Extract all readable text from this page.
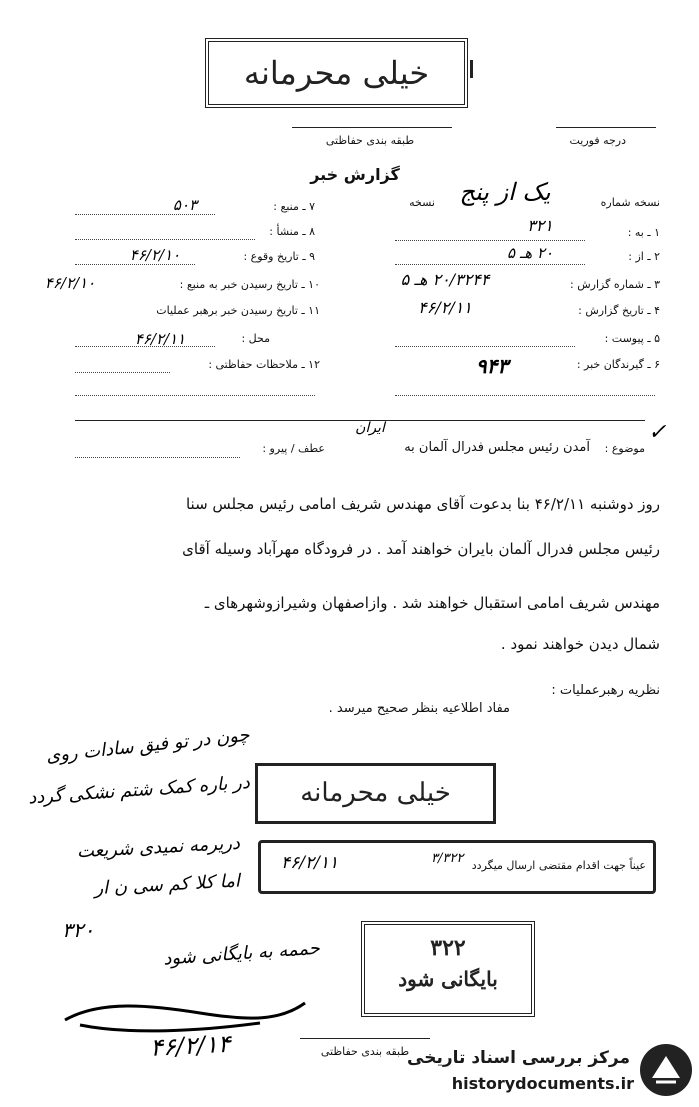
خیلی محرمانه
طبقه بندی حفاظتی	درجه فوریت
گزارش خبر
نسخه شماره
یک از پنج
نسخه
۷ ـ منبع :
۵۰۳
۸ ـ منشأ :
۹ ـ تاریخ وقوع :
۴۶/۲/۱۰
۱۰ ـ تاریخ رسیدن خبر به منبع :
۴۶/۲/۱۰
۱۱ ـ تاریخ رسیدن خبر برهبر عملیات
محل :
۴۶/۲/۱۱
۱۲ ـ ملاحظات حفاظتی :
۱ ـ به :
۳۲۱
۲ ـ از :
۲۰ هـ ۵
۳ ـ شماره گزارش :
۲۰/۳۲۴۴ هـ ۵
۴ ـ تاریخ گزارش :
۴۶/۲/۱۱
۵ ـ پیوست :
۶ ـ گیرندگان خبر :
۹۴۳
✓
موضوع :
آمدن رئیس مجلس فدرال آلمان به
ایران
عطف / پیرو :
روز دوشنبه ۴۶/۲/۱۱ بنا بدعوت آقای مهندس شریف امامی رئیس مجلس سنا
رئیس مجلس فدرال آلمان بایران خواهند آمد . در فرودگاه مهرآباد وسیله آقای
مهندس شریف امامی استقبال خواهند شد . وازاصفهان وشیرازوشهرهای ـ
شمال دیدن خواهند نمود .
نظریه رهبرعملیات :
مفاد اطلاعیه بنظر صحیح میرسد .
چون در تو فیق سادات روی
در باره کمک شتم نشکی گردد
دریرمه نمیدی شریعت
اما کلا کم سی ن ار
۳۲۰
حممه به بایگانی شود
خیلی محرمانه
عیناً جهت اقدام مقتضی ارسال میگردد
۳/۳۲۲
۴۶/۲/۱۱
۳۲۲
بایگانی شود
۴۶/۲/۱۴	طبقه بندی حفاظتی
مرکز بررسی اسناد تاریخی
historydocuments.ir
